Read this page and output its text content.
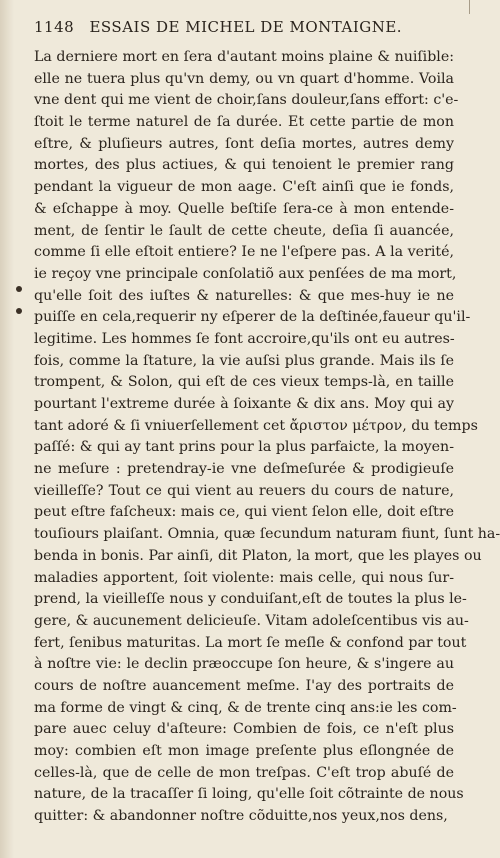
1148 ESSAIS DE MICHEL DE MONTAIGNE.
La derniere mort en ſera d'autant moins plaine & nuiſible:
elle ne tuera plus qu'vn demy, ou vn quart d'homme. Voila
vne dent qui me vient de choir,ſans douleur,ſans effort: c'e-
ſtoit le terme naturel de ſa durée. Et cette partie de mon
eſtre, & pluſieurs autres, ſont deſia mortes, autres demy
mortes, des plus actiues, & qui tenoient le premier rang
pendant la vigueur de mon aage. C'eſt ainſi que ie fonds,
& eſchappe à moy. Quelle beſtiſe ſera-ce à mon entende-
ment, de ſentir le ſault de cette cheute, deſia ſi auancée,
comme ſi elle eſtoit entiere? Ie ne l'eſpere pas. A la verité,
ie reçoy vne principale conſolatiõ aux penſées de ma mort,
qu'elle ſoit des iuſtes & naturelles: & que mes-huy ie ne
puiſſe en cela,requerir ny eſperer de la deſtinée,faueur qu'il-
legitime. Les hommes ſe font accroire,qu'ils ont eu autres-
fois, comme la ſtature, la vie auſsi plus grande. Mais ils ſe
trompent, & Solon, qui eſt de ces vieux temps-là, en taille
pourtant l'extreme durée à ſoixante & dix ans. Moy qui ay
tant adoré & ſi vniuerſellement cet ἄριστον μέτρον, du temps
paſſé: & qui ay tant prins pour la plus parfaicte, la moyen-
ne meſure : pretendray-ie vne deſmeſurée & prodigieuſe
vieilleſſe? Tout ce qui vient au reuers du cours de nature,
peut eſtre faſcheux: mais ce, qui vient ſelon elle, doit eſtre
touſiours plaiſant. Omnia, quæ ſecundum naturam fiunt, ſunt ha-
benda in bonis. Par ainſi, dit Platon, la mort, que les playes ou
maladies apportent, ſoit violente: mais celle, qui nous ſur-
prend, la vieilleſſe nous y conduiſant,eſt de toutes la plus le-
gere, & aucunement delicieuſe. Vitam adoleſcentibus vis au-
fert, ſenibus maturitas. La mort ſe meſle & confond par tout
à noſtre vie: le declin præoccupe ſon heure, & s'ingere au
cours de noſtre auancement meſme. I'ay des portraits de
ma forme de vingt & cinq, & de trente cinq ans:ie les com-
pare auec celuy d'aſteure: Combien de fois, ce n'eſt plus
moy: combien eſt mon image preſente plus eſlongnée de
celles-là, que de celle de mon treſpas. C'eſt trop abuſé de
nature, de la tracaſſer ſi loing, qu'elle ſoit cõtrainte de nous
quitter: & abandonner noſtre cõduitte,nos yeux,nos dens,
